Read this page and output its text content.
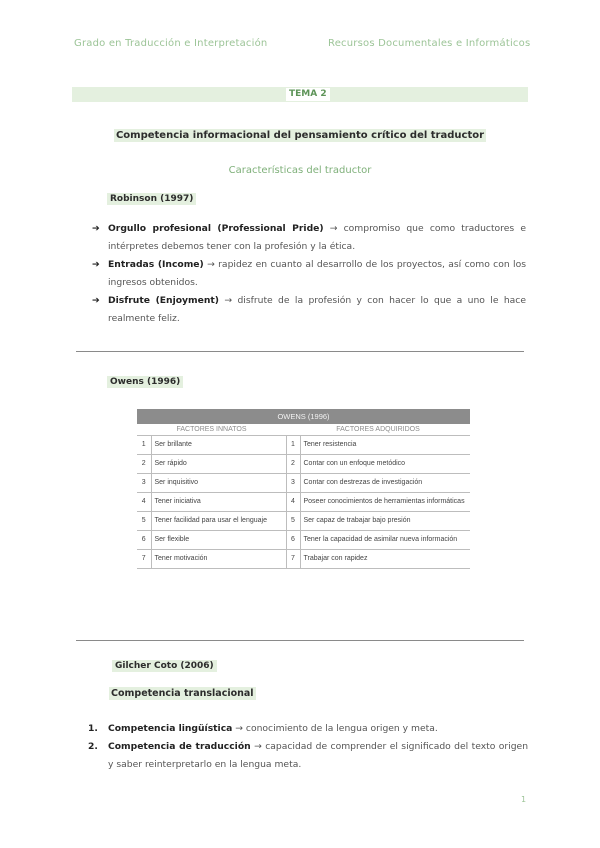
Grado en Traducción e Interpretación	Recursos Documentales e Informáticos
TEMA 2
Competencia informacional del pensamiento crítico del traductor
Características del traductor
Robinson (1997)
➔ Orgullo profesional (Professional Pride) → compromiso que como traductores e intérpretes debemos tener con la profesión y la ética.
➔ Entradas (Income) → rapidez en cuanto al desarrollo de los proyectos, así como con los ingresos obtenidos.
➔ Disfrute (Enjoyment) → disfrute de la profesión y con hacer lo que a uno le hace realmente feliz.
Owens (1996)
OWENS (1996)			
FACTORES INNATOS		FACTORES ADQUIRIDOS	
1	Ser brillante	1	Tener resistencia
2	Ser rápido	2	Contar con un enfoque metódico
3	Ser inquisitivo	3	Contar con destrezas de investigación
4	Tener iniciativa	4	Poseer conocimientos de herramientas informáticas
5	Tener facilidad para usar el lenguaje	5	Ser capaz de trabajar bajo presión
6	Ser flexible	6	Tener la capacidad de asimilar nueva información
7	Tener motivación	7	Trabajar con rapidez
Gilcher Coto (2006)
Competencia translacional
1. Competencia lingüística → conocimiento de la lengua origen y meta.
2. Competencia de traducción → capacidad de comprender el significado del texto origen y saber reinterpretarlo en la lengua meta.
1
